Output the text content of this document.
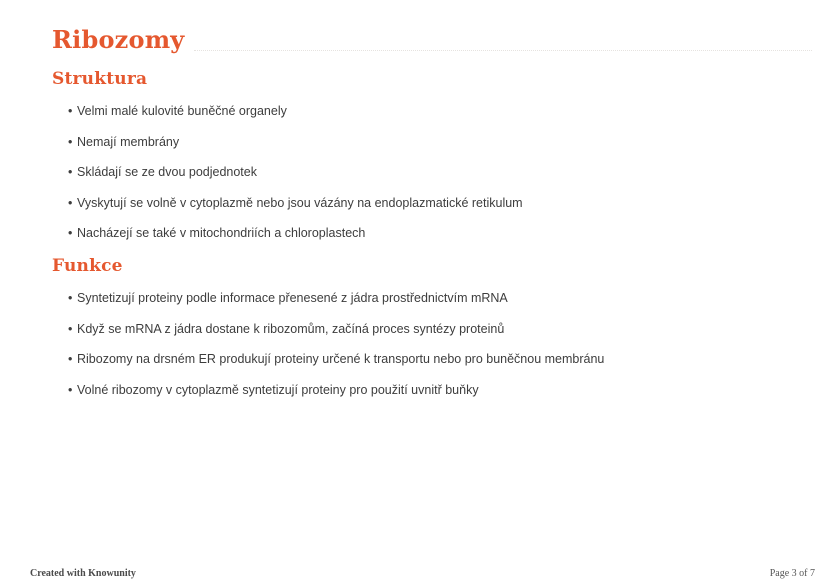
Ribozomy
Struktura
• Velmi malé kulovité buněčné organely
• Nemají membrány
• Skládají se ze dvou podjednotek
• Vyskytují se volně v cytoplazmě nebo jsou vázány na endoplazmatické retikulum
• Nacházejí se také v mitochondriích a chloroplastech
Funkce
• Syntetizují proteiny podle informace přenesené z jádra prostřednictvím mRNA
• Když se mRNA z jádra dostane k ribozomům, začíná proces syntézy proteinů
• Ribozomy na drsném ER produkují proteiny určené k transportu nebo pro buněčnou membránu
• Volné ribozomy v cytoplazmě syntetizují proteiny pro použití uvnitř buňky
Created with Knowunity	Page 3 of 7
